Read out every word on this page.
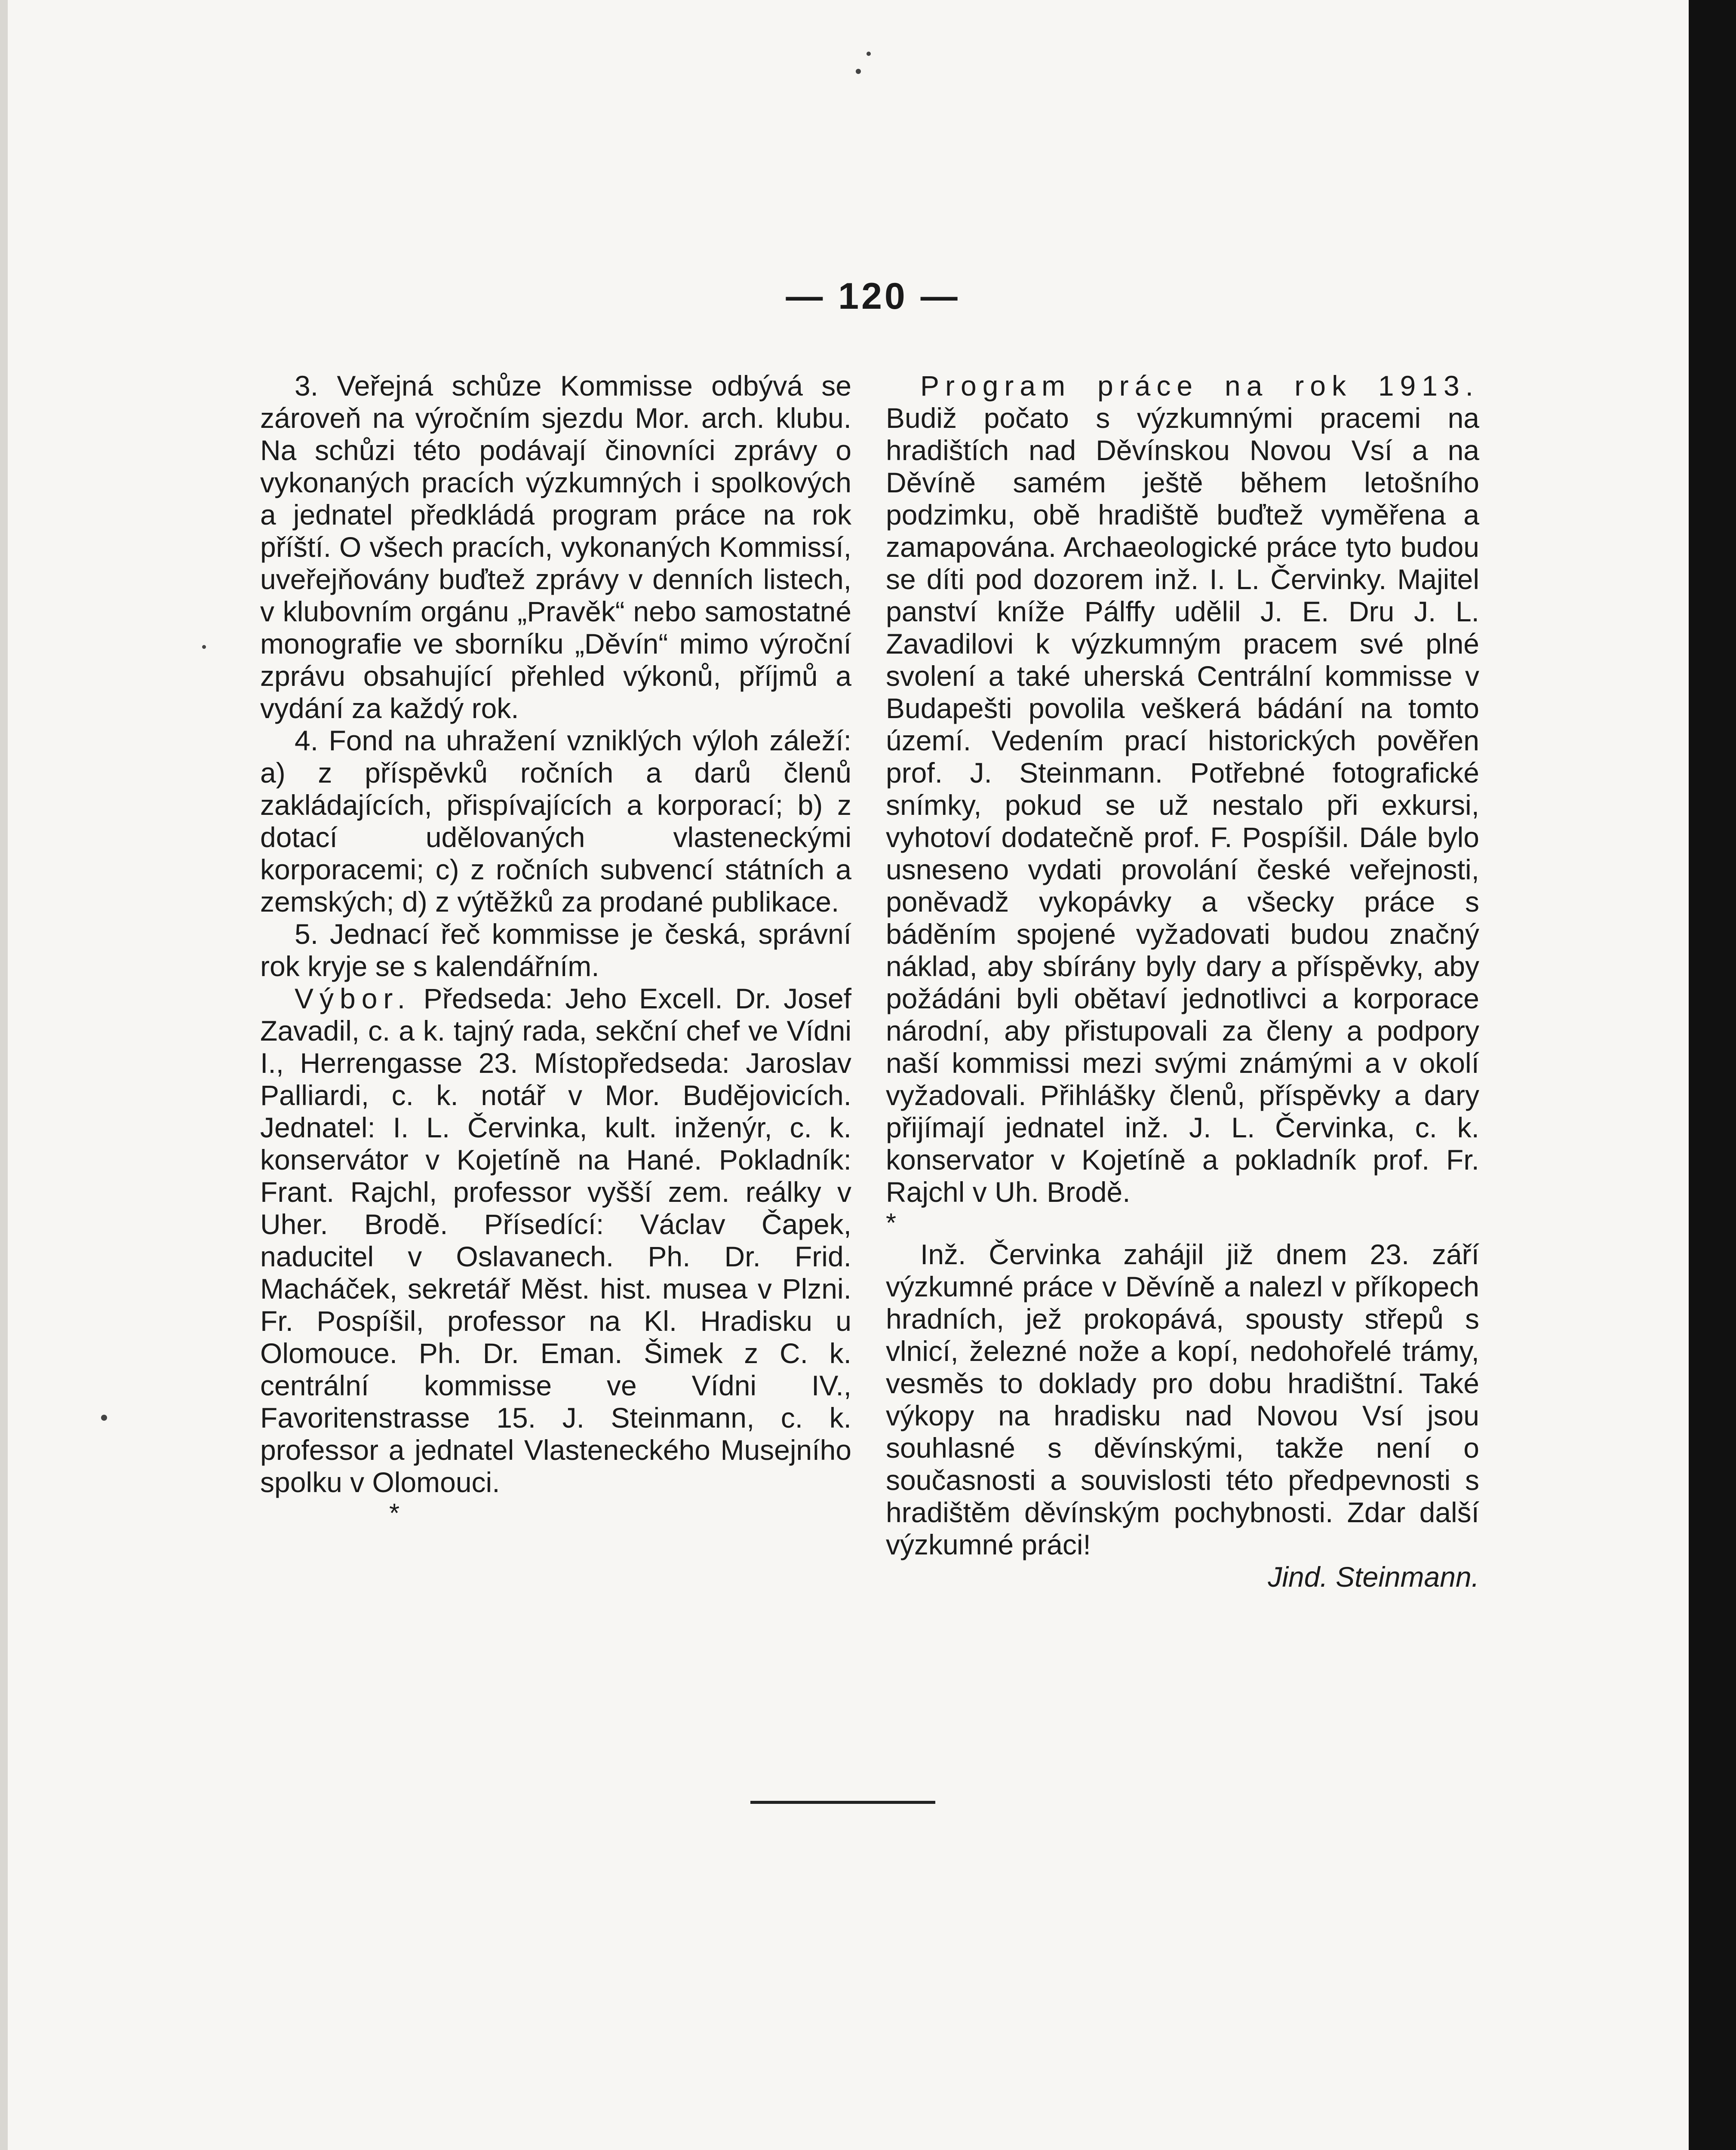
— 120 —

3. Veřejná schůze Kommisse odbývá se zároveň na výročním sjezdu Mor. arch. klubu. Na schůzi této podávají činovníci zprávy o vykonaných pracích výzkumných i spolkových a jednatel předkládá program práce na rok příští. O všech pracích, vykonaných Kommissí, uveřejňovány buďtež zprávy v denních listech, v klubovním orgánu „Pravěk“ nebo samostatné monografie ve sborníku „Děvín“ mimo výroční zprávu obsahující přehled výkonů, příjmů a vydání za každý rok.

4. Fond na uhražení vzniklých výloh záleží: a) z příspěvků ročních a darů členů zakládajících, přispívajících a korporací; b) z dotací udělovaných vlasteneckými korporacemi; c) z ročních subvencí státních a zemských; d) z výtěžků za prodané publikace.

5. Jednací řeč kommisse je česká, správní rok kryje se s kalendářním.

Výbor. Předseda: Jeho Excell. Dr. Josef Zavadil, c. a k. tajný rada, sekční chef ve Vídni I., Herrengasse 23. Místopředseda: Jaroslav Palliardi, c. k. notář v Mor. Budějovicích. Jednatel: I. L. Červinka, kult. inženýr, c. k. konservátor v Kojetíně na Hané. Pokladník: Frant. Rajchl, professor vyšší zem. reálky v Uher. Brodě. Přísedící: Václav Čapek, naducitel v Oslavanech. Ph. Dr. Frid. Macháček, sekretář Měst. hist. musea v Plzni. Fr. Pospíšil, professor na Kl. Hradisku u Olomouce. Ph. Dr. Eman. Šimek z C. k. centrální kommisse ve Vídni IV., Favoritenstrasse 15. J. Steinmann, c. k. professor a jednatel Vlasteneckého Musejního spolku v Olomouci.

*

Program práce na rok 1913. Budiž počato s výzkumnými pracemi na hradištích nad Děvínskou Novou Vsí a na Děvíně samém ještě během letošního podzimku, obě hradiště buďtež vyměřena a zamapována. Archaeologické práce tyto budou se díti pod dozorem inž. I. L. Červinky. Majitel panství kníže Pálffy udělil J. E. Dru J. L. Zavadilovi k výzkumným pracem své plné svolení a také uherská Centrální kommisse v Budapešti povolila veškerá bádání na tomto území. Vedením prací historických pověřen prof. J. Steinmann. Potřebné fotografické snímky, pokud se už nestalo při exkursi, vyhotoví dodatečně prof. F. Pospíšil. Dále bylo usneseno vydati provolání české veřejnosti, poněvadž vykopávky a všecky práce s báděním spojené vyžadovati budou značný náklad, aby sbírány byly dary a příspěvky, aby požádáni byli obětaví jednotlivci a korporace národní, aby přistupovali za členy a podpory naší kommissi mezi svými známými a v okolí vyžadovali. Přihlášky členů, příspěvky a dary přijímají jednatel inž. J. L. Červinka, c. k. konservator v Kojetíně a pokladník prof. Fr. Rajchl v Uh. Brodě.

*

Inž. Červinka zahájil již dnem 23. září výzkumné práce v Děvíně a nalezl v příkopech hradních, jež prokopává, spousty střepů s vlnicí, železné nože a kopí, nedohořelé trámy, vesměs to doklady pro dobu hradištní. Také výkopy na hradisku nad Novou Vsí jsou souhlasné s děvínskými, takže není o současnosti a souvislosti této předpevnosti s hradištěm děvínským pochybnosti. Zdar další výzkumné práci!

Jind. Steinmann.
